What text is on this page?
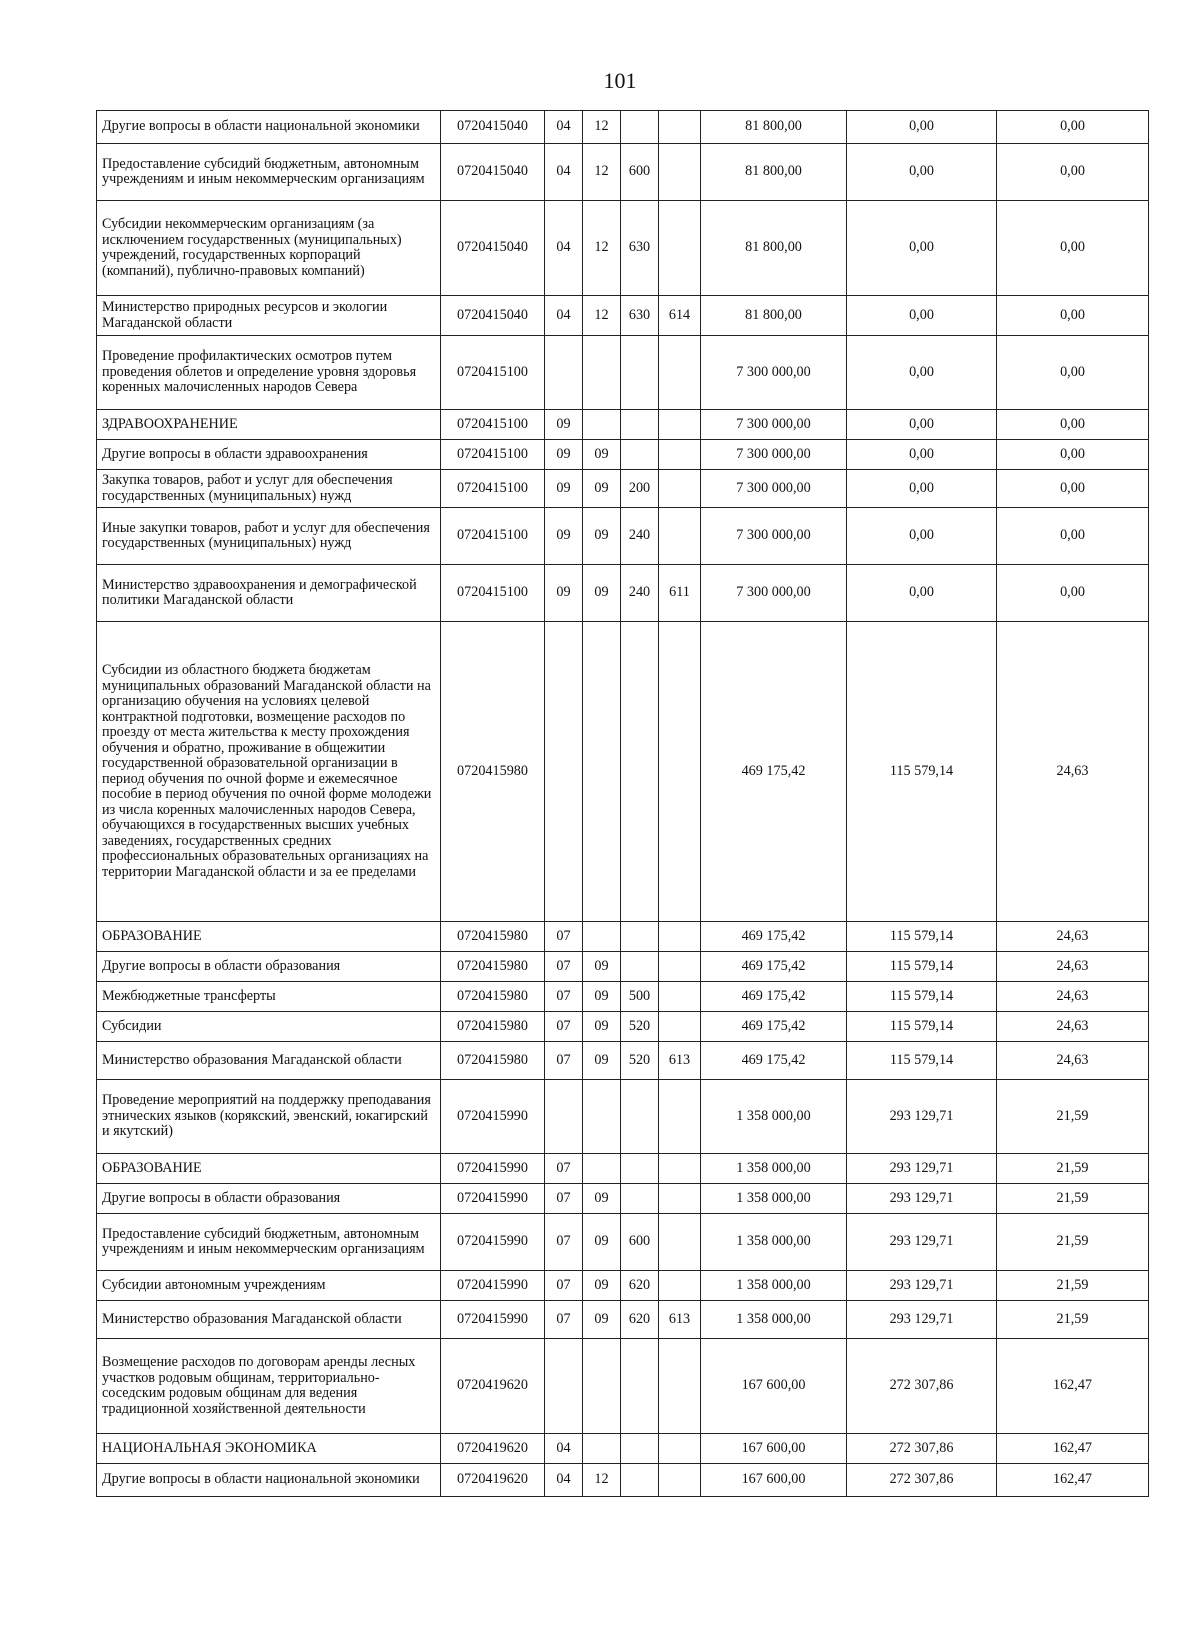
101
Другие вопросы в области национальной экономики	0720415040	04	12			81 800,00	0,00	0,00
Предоставление субсидий бюджетным, автономным учреждениям и иным некоммерческим организациям	0720415040	04	12	600		81 800,00	0,00	0,00
Субсидии некоммерческим организациям (за исключением государственных (муниципальных) учреждений, государственных корпораций (компаний), публично-правовых компаний)	0720415040	04	12	630		81 800,00	0,00	0,00
Министерство природных ресурсов и экологии Магаданской области	0720415040	04	12	630	614	81 800,00	0,00	0,00
Проведение профилактических осмотров путем проведения облетов и определение уровня здоровья коренных малочисленных народов Севера	0720415100					7 300 000,00	0,00	0,00
ЗДРАВООХРАНЕНИЕ	0720415100	09				7 300 000,00	0,00	0,00
Другие вопросы в области здравоохранения	0720415100	09	09			7 300 000,00	0,00	0,00
Закупка товаров, работ и услуг для обеспечения государственных (муниципальных) нужд	0720415100	09	09	200		7 300 000,00	0,00	0,00
Иные закупки товаров, работ и услуг для обеспечения государственных (муниципальных) нужд	0720415100	09	09	240		7 300 000,00	0,00	0,00
Министерство здравоохранения и демографической политики Магаданской области	0720415100	09	09	240	611	7 300 000,00	0,00	0,00
Субсидии из областного бюджета бюджетам муниципальных образований Магаданской области на организацию обучения на условиях целевой контрактной подготовки, возмещение расходов по проезду от места жительства к месту прохождения обучения и обратно, проживание в общежитии государственной образовательной организации в период обучения по очной форме и ежемесячное пособие в период обучения по очной форме молодежи из числа коренных малочисленных народов Севера, обучающихся в государственных высших учебных заведениях, государственных средних профессиональных образовательных организациях на территории Магаданской области и за ее пределами	0720415980					469 175,42	115 579,14	24,63
ОБРАЗОВАНИЕ	0720415980	07				469 175,42	115 579,14	24,63
Другие вопросы в области образования	0720415980	07	09			469 175,42	115 579,14	24,63
Межбюджетные трансферты	0720415980	07	09	500		469 175,42	115 579,14	24,63
Субсидии	0720415980	07	09	520		469 175,42	115 579,14	24,63
Министерство образования Магаданской области	0720415980	07	09	520	613	469 175,42	115 579,14	24,63
Проведение мероприятий на поддержку преподавания этнических языков (корякский, эвенский, юкагирский и якутский)	0720415990					1 358 000,00	293 129,71	21,59
ОБРАЗОВАНИЕ	0720415990	07				1 358 000,00	293 129,71	21,59
Другие вопросы в области образования	0720415990	07	09			1 358 000,00	293 129,71	21,59
Предоставление субсидий бюджетным, автономным учреждениям и иным некоммерческим организациям	0720415990	07	09	600		1 358 000,00	293 129,71	21,59
Субсидии автономным учреждениям	0720415990	07	09	620		1 358 000,00	293 129,71	21,59
Министерство образования Магаданской области	0720415990	07	09	620	613	1 358 000,00	293 129,71	21,59
Возмещение расходов по договорам аренды лесных участков родовым общинам, территориально-соседским родовым общинам для ведения традиционной хозяйственной деятельности	0720419620					167 600,00	272 307,86	162,47
НАЦИОНАЛЬНАЯ ЭКОНОМИКА	0720419620	04				167 600,00	272 307,86	162,47
Другие вопросы в области национальной экономики	0720419620	04	12			167 600,00	272 307,86	162,47
